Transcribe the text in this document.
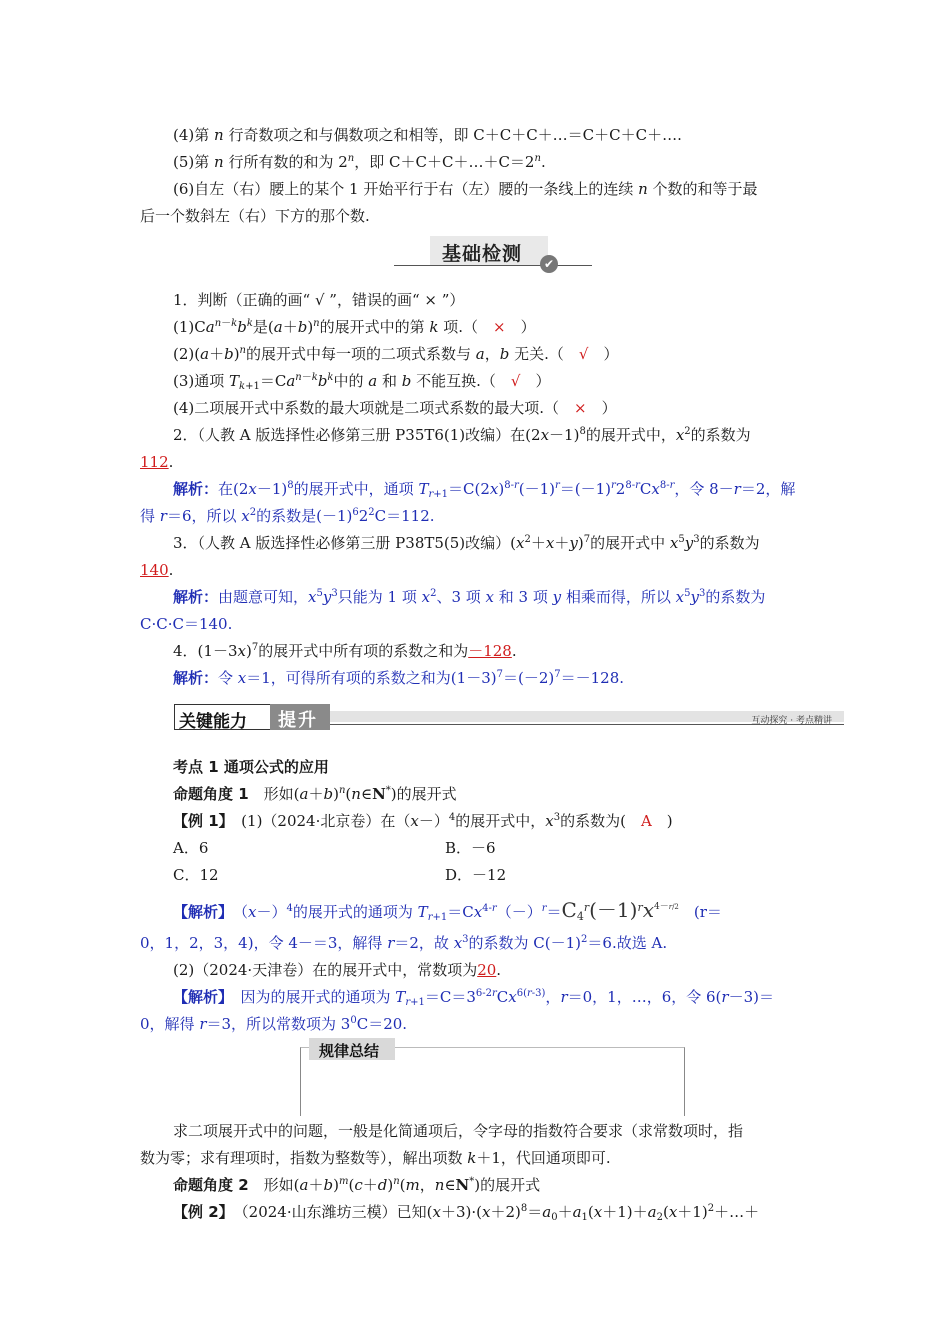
(4)第 n 行奇数项之和与偶数项之和相等，即 C＋C＋C＋…＝C＋C＋C＋….
(5)第 n 行所有数的和为 2$^n$，即 $C+C+C+\dots+C=2^n$.
(6)自左（右）腰上的某个 1 开始平行于右（左）腰的一条线上的连续 n 个数的和等于最
后一个数斜左（右）下方的那个数.
1．判断（正确的画“ √ ”，错误的画“ × ”）
$(1)Ca^{n-k}b^k$是$(a+b)^n$的展开式中的第 k 项.（　×　）
$(2)(a+b)^n$的展开式中每一项的二项式系数与 a，b 无关.（　√　）
(3)通项 $T_{k+1}=Ca^{n-k}b^k$中的 a 和 b 不能互换.（　√　）
(4)二项展开式中系数的最大项就是二项式系数的最大项.（　×　）
2．（人教 A 版选择性必修第三册 P35T6(1)改编）在$(2x-1)^8$的展开式中，$x^2$的系数为
112.
解析：在$(2x-1)^8$的展开式中，通项 $T_{r+1}=C(2x)^{8-r}(-1)^r=(-1)^r2^{8-r}Cx^{8-r}$，令 8－r＝2，解
得 r＝6，所以 $x^2$的系数是$(-1)^62^2C=112$.
3．（人教 A 版选择性必修第三册 P38T5(5)改编）$(x^2+x+y)^7$的展开式中 $x^5y^3$的系数为
140.
解析：由题意可知，$x^5y^3$只能为 1 项 $x^2$、3 项 x 和 3 项 y 相乘而得，所以 $x^5y^3$的系数为
C·C·C＝140.
4．$(1-3x)^7$的展开式中所有项的系数之和为－128.
解析：令 x＝1，可得所有项的系数之和为$(1-3)^7=(-2)^7=-128$.
考点 1 通项公式的应用
命题角度 1　形如$(a+b)^n(n\in N^*)$的展开式
【例 1】　(1)（2024·北京卷）在$(x-)^4$的展开式中，$x^3$的系数为(　A　)
A．6	B．－6
C．12	D．－12
【解析】　$(x-)^4$的展开式的通项为 $T_{r+1}=Cx^{4-r}(-)^r=C_4^r(-1)^rx4-r/2$　 (r＝
0，1，2，3，4)，令 4－＝3，解得 r＝2，故 $x^3$的系数为 $C(-1)^2=6$.故选 A.
(2)（2024·天津卷）在的展开式中，常数项为20.
【解析】　因为的展开式的通项为 $T_{r+1}=C=3^{6-2r}Cx^{6(r-3)}$，r＝0，1，…，6，令 6(r－3)＝
0，解得 r＝3，所以常数项为 $3^0C=20$.
求二项展开式中的问题，一般是化简通项后，令字母的指数符合要求（求常数项时，指
数为零；求有理项时，指数为整数等），解出项数 k＋1，代回通项即可.
命题角度 2　形如$(a+b)^m(c+d)^n(m$，n∈N*)的展开式
【例 2】　（2024·山东潍坊三模）已知$(x+3)\cdot(x+2)^8=a_0+a_1(x+1)+a_2(x+1)^2+\dots+$
基础检测	✔
关键能力 提升	互动探究 · 考点精讲
规律总结
